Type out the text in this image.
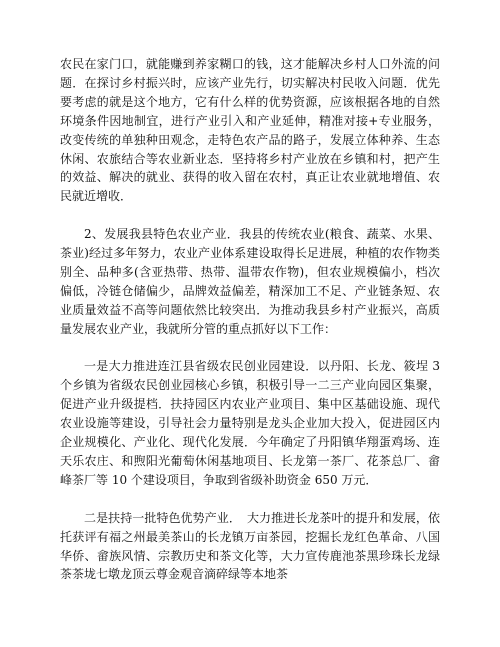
农民在家门口，就能赚到养家糊口的钱，这才能解决乡村人口外流的问题．在探讨乡村振兴时，应该产业先行，切实解决村民收入问题．优先要考虑的就是这个地方，它有什么样的优势资源，应该根据各地的自然环境条件因地制宜，进行产业引入和产业延伸，精准对接+专业服务，改变传统的单独种田观念，走特色农产品的路子，发展立体种养、生态休闲、农旅结合等农业新业态．坚持将乡村产业放在乡镇和村，把产生的效益、解决的就业、获得的收入留在农村，真正让农业就地增值、农民就近增收．

2、发展我县特色农业产业．我县的传统农业(粮食、蔬菜、水果、茶业)经过多年努力，农业产业体系建设取得长足进展，种植的农作物类别全、品种多(含亚热带、热带、温带农作物)，但农业规模偏小，档次偏低，冷链仓储偏少，品牌效益偏差，精深加工不足、产业链条短、农业质量效益不高等问题依然比较突出．为推动我县乡村产业振兴，高质量发展农业产业，我就所分管的重点抓好以下工作：

一是大力推进连江县省级农民创业园建设．以丹阳、长龙、筱埕 3 个乡镇为省级农民创业园核心乡镇，积极引导一二三产业向园区集聚，促进产业升级提档．扶持园区内农业产业项目、集中区基础设施、现代农业设施等建设，引导社会力量特别是龙头企业加大投入，促进园区内企业规模化、产业化、现代化发展．今年确定了丹阳镇华翔蛋鸡场、连天乐农庄、和煦阳光葡萄休闲基地项目、长龙第一茶厂、花茶总厂、畲峰茶厂等 10 个建设项目，争取到省级补助资金 650 万元．

二是扶持一批特色优势产业．　大力推进长龙茶叶的提升和发展，依托获评有福之州最美茶山的长龙镇万亩茶园，挖掘长龙红色革命、八国华侨、畲族风情、宗教历史和茶文化等，大力宣传鹿池茶黑珍珠长龙绿茶茶垅七墩龙顶云尊金观音滴碎绿等本地茶
